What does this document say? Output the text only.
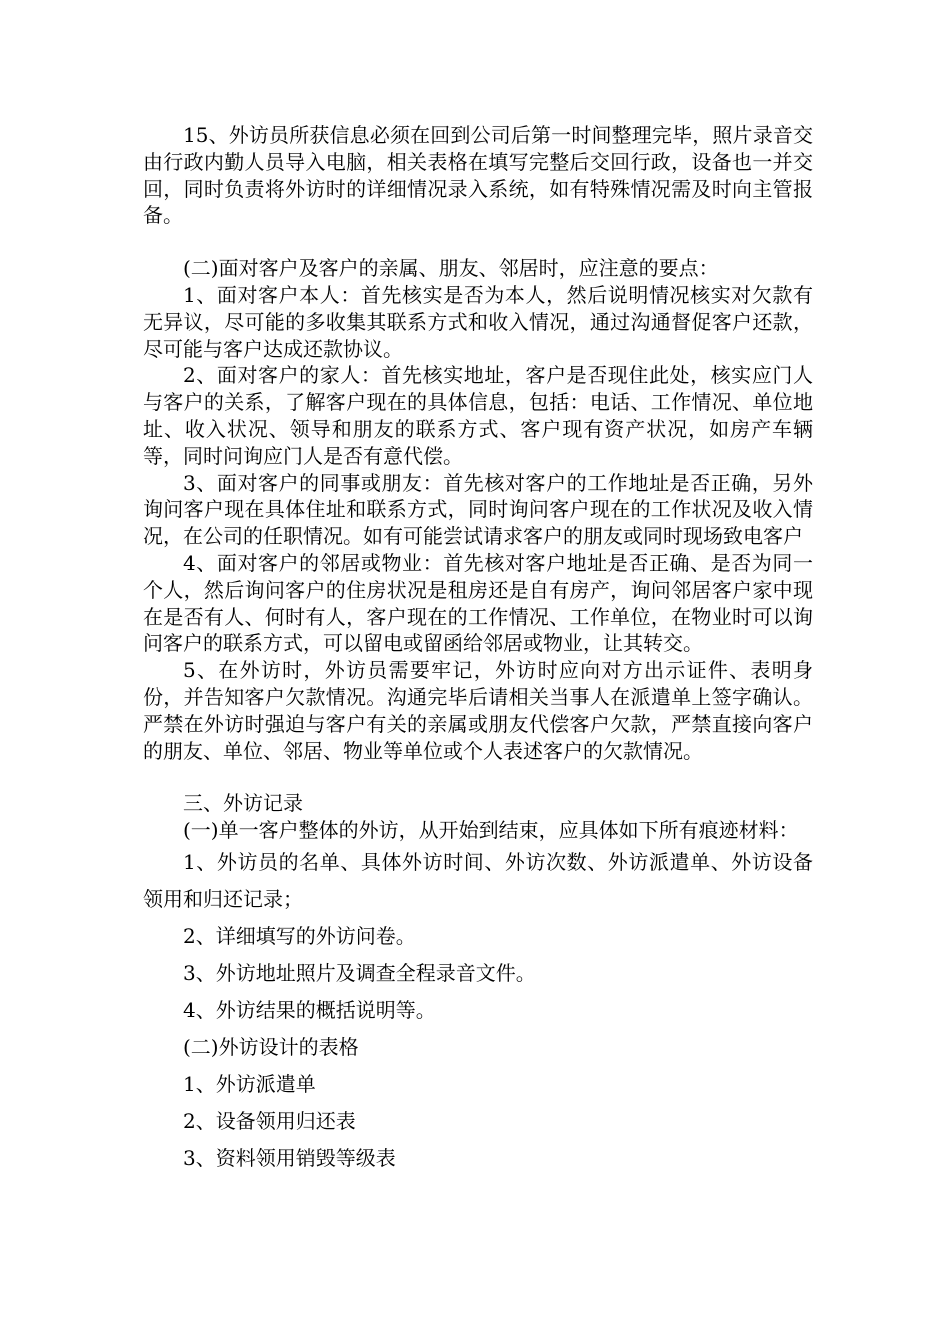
15、外访员所获信息必须在回到公司后第一时间整理完毕，照片录音交由行政内勤人员导入电脑，相关表格在填写完整后交回行政，设备也一并交回，同时负责将外访时的详细情况录入系统，如有特殊情况需及时向主管报备。

(二)面对客户及客户的亲属、朋友、邻居时，应注意的要点：

1、面对客户本人：首先核实是否为本人，然后说明情况核实对欠款有无异议，尽可能的多收集其联系方式和收入情况，通过沟通督促客户还款，尽可能与客户达成还款协议。

2、面对客户的家人：首先核实地址，客户是否现住此处，核实应门人与客户的关系，了解客户现在的具体信息，包括：电话、工作情况、单位地址、收入状况、领导和朋友的联系方式、客户现有资产状况，如房产车辆等，同时问询应门人是否有意代偿。

3、面对客户的同事或朋友：首先核对客户的工作地址是否正确，另外询问客户现在具体住址和联系方式，同时询问客户现在的工作状况及收入情况，在公司的任职情况。如有可能尝试请求客户的朋友或同时现场致电客户

4、面对客户的邻居或物业：首先核对客户地址是否正确、是否为同一个人，然后询问客户的住房状况是租房还是自有房产，询问邻居客户家中现在是否有人、何时有人，客户现在的工作情况、工作单位，在物业时可以询问客户的联系方式，可以留电或留函给邻居或物业，让其转交。

5、在外访时，外访员需要牢记，外访时应向对方出示证件、表明身份，并告知客户欠款情况。沟通完毕后请相关当事人在派遣单上签字确认。严禁在外访时强迫与客户有关的亲属或朋友代偿客户欠款，严禁直接向客户的朋友、单位、邻居、物业等单位或个人表述客户的欠款情况。

三、外访记录

(一)单一客户整体的外访，从开始到结束，应具体如下所有痕迹材料：

1、外访员的名单、具体外访时间、外访次数、外访派遣单、外访设备领用和归还记录；

2、详细填写的外访问卷。

3、外访地址照片及调查全程录音文件。

4、外访结果的概括说明等。

(二)外访设计的表格

1、外访派遣单

2、设备领用归还表

3、资料领用销毁等级表
